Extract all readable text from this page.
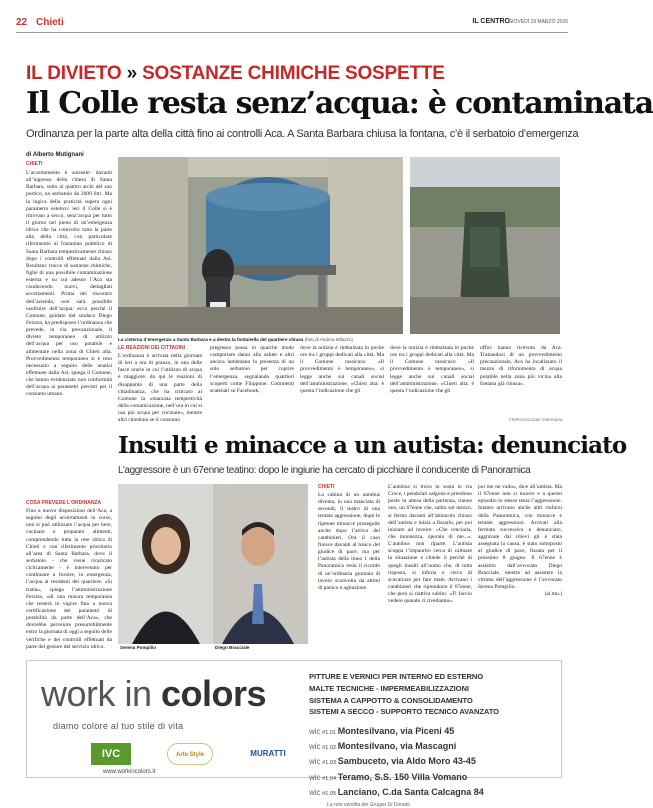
22 Chieti	IL CENTRO
GIOVEDÌ 19 MARZO 2026
IL DIVIETO » SOSTANZE CHIMICHE SOSPETTE
Il Colle resta senz’acqua: è contaminata
Ordinanza per la parte alta della città fino ai controlli Aca. A Santa Barbara chiusa la fontana, c’è il serbatoio d’emergenza
di Alberto Mutignani
CHIETI
L’accertamento è surreale: davanti all’ingresso della chiesa di Santa Barbara, sotto al quattro archi del suo portico, un serbatoio da 2000 litri. Ma la logica della praticità supera ogni parametro estetico: ieri il Colle si è ritrovato a secco, senz’acqua per tutto il giorno nel pieno di un’emergenza idrica che ha coinvolto tutta la parte alta della città, con particolare riferimento al fontanino pubblico di Santa Barbara tempestivamente chiuso dopo i controlli effettuati dalla Asl. Risultato: tracce di sostanze chimiche, figlie di una possibile contaminazione esterna e su cui adesso l’Aca sta conducendo nuovi, dettagliati accertamenti. Prima del riscontro dell’azienda, non sarà possibile usufruire dell’acqua: ecco perché il Comune, guidato dal sindaco Diego Ferrara, ha predisposto l’ordinanza che prevede, in via precauzionale, il divieto temporaneo di utilizzo dell’acqua per uso potabile e alimentare nella zona di Chieti alta. Provvedimento temporaneo si è reso necessario a seguito delle analisi effettuate dalla Asl, spiega il Comune, che hanno evidenziato non conformità dell’acqua ai parametri previsti per il consumo umano.
COSA PREVEDE L’ORDINANZA
Fino a nuovo disposizioni dell’Aca, a seguito degli accertamenti in corso, non si può utilizzare l’acqua per bere, cucinare o preparare alimenti, comprendendo tutta la rete idrica di Chieti e con riferimento prioritario all’area di Santa Barbara, dove il serbatoio - che viene ricaricato ciclicamente - è intervenuto per continuare a fornire, in emergenza, l’acqua ai residenti del quartiere. «Si tratta», spiega l’amministrazione Ferrara, «di una misura temporanea che resterà in vigore fino a nuova certificazione dei parametri di potabilità da parte dell’Aca», che dovrebbe pervenire presumibilmente entro la giornata di oggi a seguito delle verifiche e dei controlli effettuati da parte del gestore del servizio idrico.
La cisterna d’emergenza a Santa Barbara e a destra la fontanella del quartiere chiusa (foto di Andrea Milazzo)
LE REAZIONI DEI CITTADINI
L’ordinanza è arrivata nella giornata di ieri a ora di pranzo, in una delle fasce orarie in cui l’utilizzo di acqua è maggiore: da qui le reazioni di disappunto di una parte della cittadinanza, che ha criticato al Comune la «mancata tempestività della comunicazione, nell’ora in cui si usa più acqua per cucinare», mentre altri chiedono se il consumo
pregresso possa in qualche modo comportare danni alla salute e altri ancora lamentano la presenza di un solo serbatoio per coprire l’emergenza, segnalando quartieri scoperti come Filippone. Commenti scatenati su Facebook,
dove la notizia è rimbalzata in poche ore tra i gruppi dedicati alla città. Ma il Comune rassicura: «Il provvedimento è temporaneo», si legge anche sui canali social dell’amministrazione. «Chieti alta: è questa l’indicazione che gli
dove la notizia è rimbalzata in poche ore tra i gruppi dedicati alla città. Ma il Comune rassicura: «Il provvedimento è temporaneo», si legge anche sui canali social dell’amministrazione. «Chieti alta: è questa l’indicazione che gli
uffici hanno ricevuto da Aca. Trattandosi di un provvedimento precauzionale, Aca ha localizzato il mezzo di rifornimento di acqua potabile nella zona più vicina alla fontana già chiusa».
©RIPRODUZIONE RISERVATA
Insulti e minacce a un autista: denunciato
L’aggressore è un 67enne teatino: dopo le ingiurie ha cercato di picchiare il conducente di Panoramica
Serena Pompilio	Diego Bracciale
CHIETI
La cabina di un autobus diventa, in una manciata di secondi, il teatro di una tentata aggressione, dopo le ripetute minacce proseguite anche dopo l’arrivo dei carabinieri. Ora il caso finisce davanti al banco del giudice di pace, ma per l’autista della linea 1 della Panoramica resta il ricordo di un’ordinaria giornata di lavoro sconvolta da attimi di panico e agitazione.
L’autobus si trova in sosta in via Croce, i pendolari salgono e prendono posto in attesa della partenza, tranne uno, un 67enne che, salito sul mezzo, si ferma davanti all’abitacolo chiuso dell’autista e inizia a fissarlo, per poi iniziare ad inveire: «Che cenciaria, che monnezza, operaio di me...». L’autobus non riparte. L’autista scoppa l’impaurito cerca di calmare la situazione e chiede il perché di quegli insulti all’uomo che, di tutta risposta, si infuria e cerca di scavalcare per fare male. Arrivano i carabinieri che riprendono il 67enne, che però si riattiva subito: «Ti faccio vedere quando ci rivediamo».
poi me ne vado», dice all’autista. Ma il 67enne non si muove e a questo episodio lo stesso tenta l’aggressione. Intanto arrivano anche altri rinforzi della Panoramica, con minacce e tentate aggressioni. Arrivati alla fermata successiva e denunciato, aggravate dai rilievi gli è stata assegnata la causa, è stato sottoposto al giudice di pace, fissata per il prossimo 8 giugno. Il 67enne è assistito dall’avvocato Diego Bracciale, mentre ad assistere la vittima dell’aggressione è l’avvocato Serena Pompilio.
(al.mu.)
work in colors
diamo colore al tuo stile di vita
IVC	Arte Style	MURATTI
www.workincolors.it
PITTURE E VERNICI PER INTERNO ED ESTERNO
MALTE TECNICHE - IMPERMEABILIZZAZIONI
SISTEMA A CAPPOTTO & CONSOLIDAMENTO
SISTEMI A SECCO - SUPPORTO TECNICO AVANZATO
wic #1.01 Montesilvano, via Piceni 45
wic #1.02 Montesilvano, via Mascagni
wic #1.03 Sambuceto, via Aldo Moro 43-45
wic #1.04 Teramo, S.S. 150 Villa Vomano
wic #1.05 Lanciano, C.da Santa Calcagna 84
La rete vendita del Gruppo Di Donato
